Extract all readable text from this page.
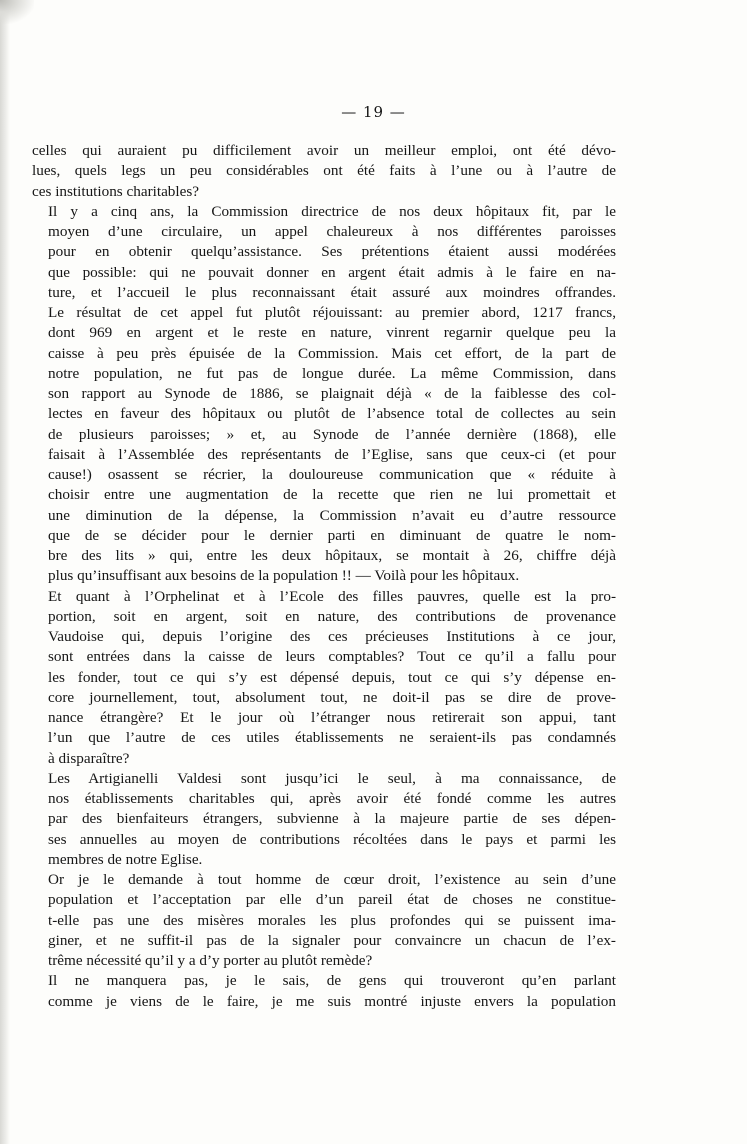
— 19 —

celles qui auraient pu difficilement avoir un meilleur emploi, ont été dévo-
lues, quels legs un peu considérables ont été faits à l’une ou à l’autre de
ces institutions charitables?

Il y a cinq ans, la Commission directrice de nos deux hôpitaux fit, par le
moyen d’une circulaire, un appel chaleureux à nos différentes paroisses
pour en obtenir quelqu’assistance. Ses prétentions étaient aussi modérées
que possible: qui ne pouvait donner en argent était admis à le faire en na-
ture, et l’accueil le plus reconnaissant était assuré aux moindres offrandes.
Le résultat de cet appel fut plutôt réjouissant: au premier abord, 1217 francs,
dont 969 en argent et le reste en nature, vinrent regarnir quelque peu la
caisse à peu près épuisée de la Commission. Mais cet effort, de la part de
notre population, ne fut pas de longue durée. La même Commission, dans
son rapport au Synode de 1886, se plaignait déjà « de la faiblesse des col-
lectes en faveur des hôpitaux ou plutôt de l’absence total de collectes au sein
de plusieurs paroisses; » et, au Synode de l’année dernière (1868), elle
faisait à l’Assemblée des représentants de l’Eglise, sans que ceux-ci (et pour
cause!) osassent se récrier, la douloureuse communication que « réduite à
choisir entre une augmentation de la recette que rien ne lui promettait et
une diminution de la dépense, la Commission n’avait eu d’autre ressource
que de se décider pour le dernier parti en diminuant de quatre le nom-
bre des lits » qui, entre les deux hôpitaux, se montait à 26, chiffre déjà
plus qu’insuffisant aux besoins de la population !! — Voilà pour les hôpitaux.

Et quant à l’Orphelinat et à l’Ecole des filles pauvres, quelle est la pro-
portion, soit en argent, soit en nature, des contributions de provenance
Vaudoise qui, depuis l’origine des ces précieuses Institutions à ce jour,
sont entrées dans la caisse de leurs comptables? Tout ce qu’il a fallu pour
les fonder, tout ce qui s’y est dépensé depuis, tout ce qui s’y dépense en-
core journellement, tout, absolument tout, ne doit-il pas se dire de prove-
nance étrangère? Et le jour où l’étranger nous retirerait son appui, tant
l’un que l’autre de ces utiles établissements ne seraient-ils pas condamnés
à disparaître?

Les Artigianelli Valdesi sont jusqu’ici le seul, à ma connaissance, de
nos établissements charitables qui, après avoir été fondé comme les autres
par des bienfaiteurs étrangers, subvienne à la majeure partie de ses dépen-
ses annuelles au moyen de contributions récoltées dans le pays et parmi les
membres de notre Eglise.

Or je le demande à tout homme de cœur droit, l’existence au sein d’une
population et l’acceptation par elle d’un pareil état de choses ne constitue-
t-elle pas une des misères morales les plus profondes qui se puissent ima-
giner, et ne suffit-il pas de la signaler pour convaincre un chacun de l’ex-
trême nécessité qu’il y a d’y porter au plutôt remède?

Il ne manquera pas, je le sais, de gens qui trouveront qu’en parlant
comme je viens de le faire, je me suis montré injuste envers la population
